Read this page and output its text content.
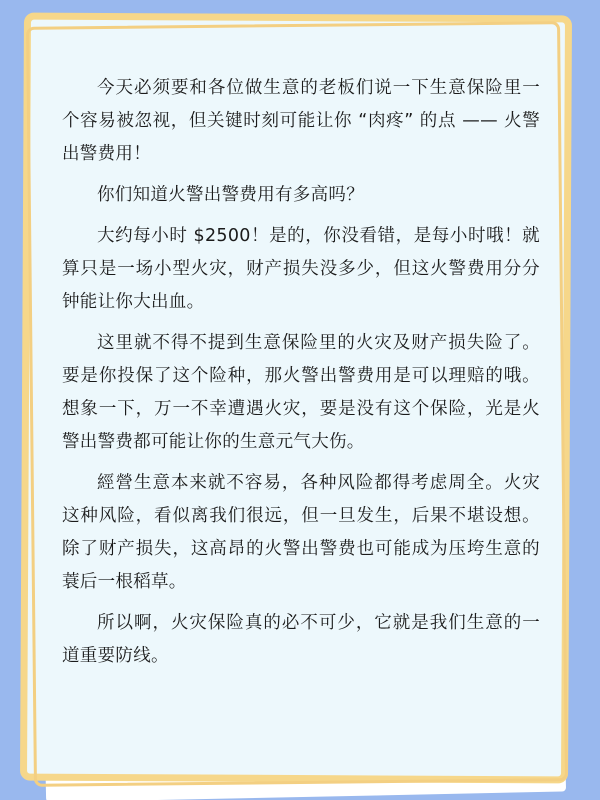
今天必须要和各位做生意的老板们说一下生意保险里一个容易被忽视，但关键时刻可能让你 “肉疼” 的点 —— 火警出警费用！

你们知道火警出警费用有多高吗？

大约每小时 $2500！是的，你没看错，是每小时哦！就算只是一场小型火灾，财产损失没多少，但这火警费用分分钟能让你大出血。

这里就不得不提到生意保险里的火灾及财产损失险了。要是你投保了这个险种，那火警出警费用是可以理赔的哦。想象一下，万一不幸遭遇火灾，要是没有这个保险，光是火警出警费都可能让你的生意元气大伤。

經營生意本来就不容易，各种风险都得考虑周全。火灾这种风险，看似离我们很远，但一旦发生，后果不堪设想。除了财产损失，这高昂的火警出警费也可能成为压垮生意的蓑后一根稻草。

所以啊，火灾保险真的必不可少，它就是我们生意的一道重要防线。
